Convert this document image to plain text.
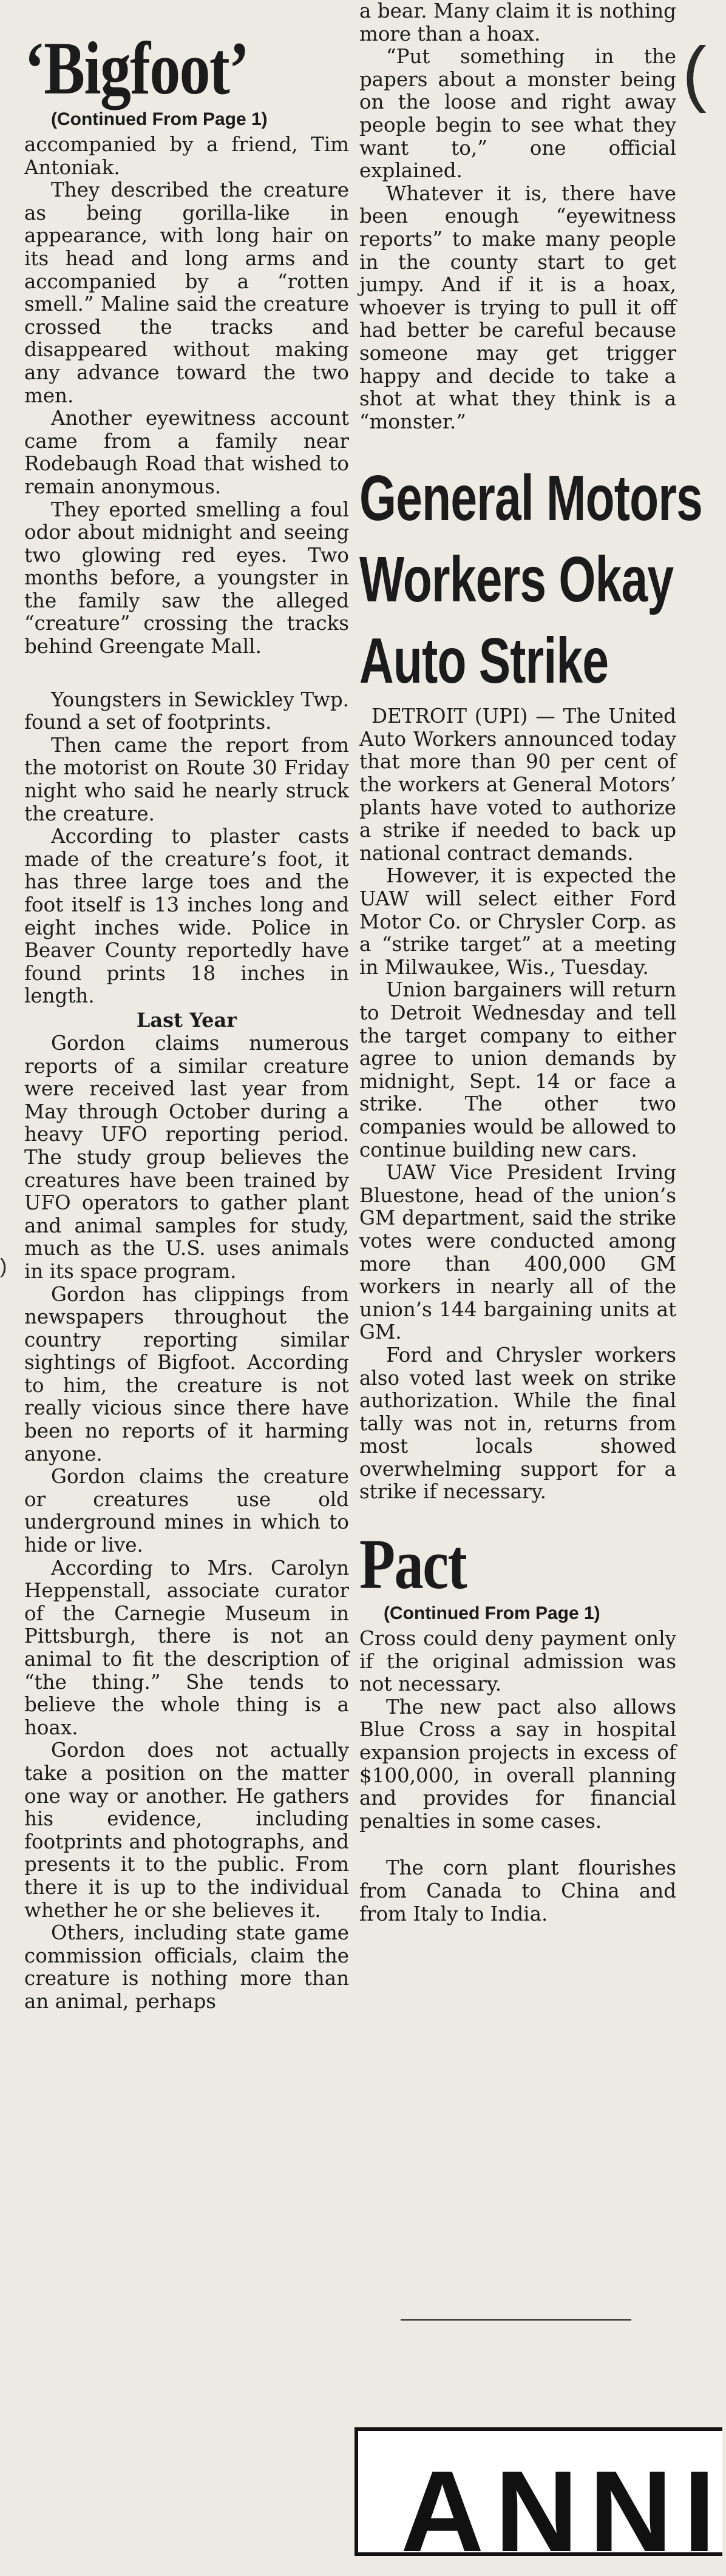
‘Bigfoot’
(Continued From Page 1)

accompanied by a friend, Tim Antoniak.

They described the creature as being gorilla-like in appearance, with long hair on its head and long arms and accompanied by a “rotten smell.” Maline said the creature crossed the tracks and disappeared without making any advance toward the two men.

Another eyewitness account came from a family near Rodebaugh Road that wished to remain anonymous.

They eported smelling a foul odor about midnight and seeing two glowing red eyes. Two months before, a youngster in the family saw the alleged “creature” crossing the tracks behind Greengate Mall.

Youngsters in Sewickley Twp. found a set of footprints.

Then came the report from the motorist on Route 30 Friday night who said he nearly struck the creature.

According to plaster casts made of the creature’s foot, it has three large toes and the foot itself is 13 inches long and eight inches wide. Police in Beaver County reportedly have found prints 18 inches in length.

Last Year

Gordon claims numerous reports of a similar creature were received last year from May through October during a heavy UFO reporting period. The study group believes the creatures have been trained by UFO operators to gather plant and animal samples for study, much as the U.S. uses animals in its space program.

Gordon has clippings from newspapers throughout the country reporting similar sightings of Bigfoot. According to him, the creature is not really vicious since there have been no reports of it harming anyone.

Gordon claims the creature or creatures use old underground mines in which to hide or live.

According to Mrs. Carolyn Heppenstall, associate curator of the Carnegie Museum in Pittsburgh, there is not an animal to fit the description of “the thing.” She tends to believe the whole thing is a hoax.

Gordon does not actually take a position on the matter one way or another. He gathers his evidence, including footprints and photographs, and presents it to the public. From there it is up to the individual whether he or she believes it.

Others, including state game commission officials, claim the creature is nothing more than an animal, perhaps

a bear. Many claim it is nothing more than a hoax.

“Put something in the papers about a monster being on the loose and right away people begin to see what they want to,” one official explained.

Whatever it is, there have been enough “eyewitness reports” to make many people in the county start to get jumpy. And if it is a hoax, whoever is trying to pull it off had better be careful because someone may get trigger happy and decide to take a shot at what they think is a “monster.”

General Motors
Workers Okay
Auto Strike

DETROIT (UPI) — The United Auto Workers announced today that more than 90 per cent of the workers at General Motors’ plants have voted to authorize a strike if needed to back up national contract demands.

However, it is expected the UAW will select either Ford Motor Co. or Chrysler Corp. as a “strike target” at a meeting in Milwaukee, Wis., Tuesday.

Union bargainers will return to Detroit Wednesday and tell the target company to either agree to union demands by midnight, Sept. 14 or face a strike. The other two companies would be allowed to continue building new cars.

UAW Vice President Irving Bluestone, head of the union’s GM department, said the strike votes were conducted among more than 400,000 GM workers in nearly all of the union’s 144 bargaining units at GM.

Ford and Chrysler workers also voted last week on strike authorization. While the final tally was not in, returns from most locals showed overwhelming support for a strike if necessary.

Pact
(Continued From Page 1)

Cross could deny payment only if the original admission was not necessary.

The new pact also allows Blue Cross a say in hospital expansion projects in excess of $100,000, in overall planning and provides for financial penalties in some cases.

The corn plant flourishes from Canada to China and from Italy to India.

ANNI
(
)
